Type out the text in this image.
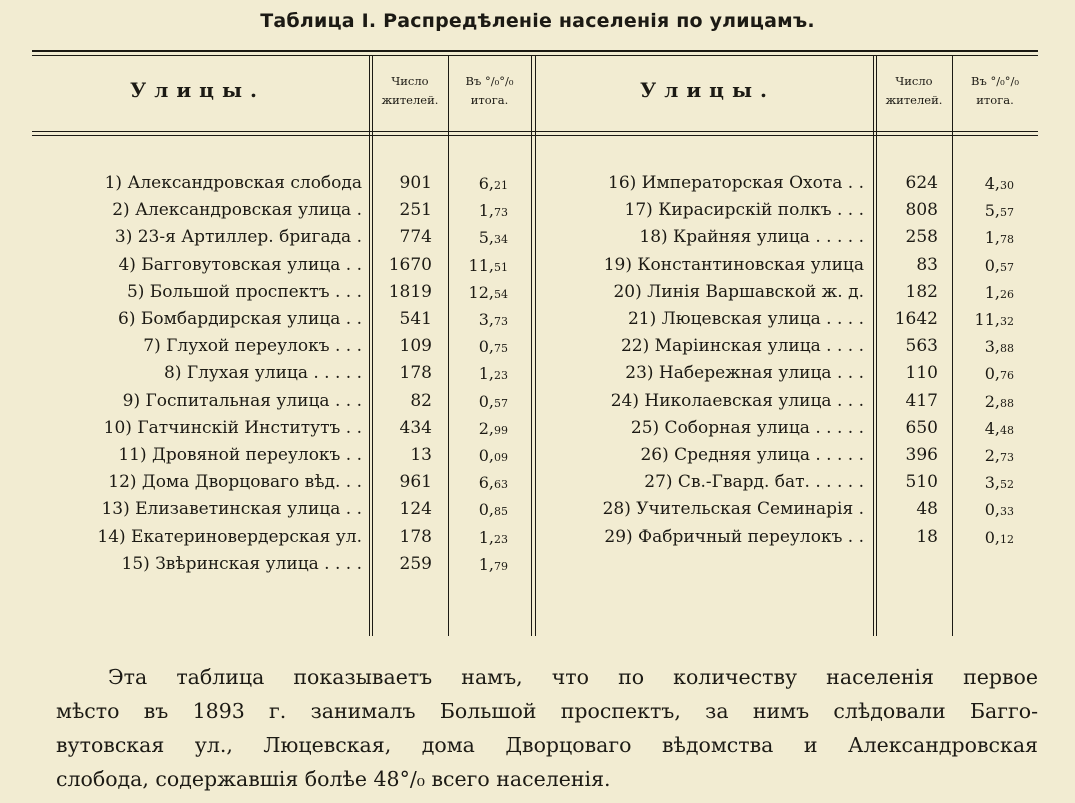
Таблица I. Распредѣленіе населенія по улицамъ.
Улицы.	Число
жителей.
Въ °/₀°/₀
итога.	Улицы.	Число
жителей.
Въ °/₀°/₀
итога.
1) Александровская слобода	901	6,21
2) Александровская улица .	251	1,73
3) 23-я Артиллер. бригада .	774	5,34
4) Багговутовская улица . .	1670	11,51
5) Большой проспектъ . . .	1819	12,54
6) Бомбардирская улица . .	541	3,73
7) Глухой переулокъ . . .	109	0,75
8) Глухая улица . . . . .	178	1,23
9) Госпитальная улица . . .	82	0,57
10) Гатчинскій Институтъ . .	434	2,99
11) Дровяной переулокъ . .	13	0,09
12) Дома Дворцоваго вѣд. . .	961	6,63
13) Елизаветинская улица . .	124	0,85
14) Екатериновердерская ул.	178	1,23
15) Звѣринская улица . . . .	259	1,79
16) Императорская Охота . .	624	4,30
17) Кирасирскій полкъ . . .	808	5,57
18) Крайняя улица . . . . .	258	1,78
19) Константиновская улица	83	0,57
20) Линія Варшавской ж. д.	182	1,26
21) Люцевская улица . . . .	1642	11,32
22) Маріинская улица . . . .	563	3,88
23) Набережная улица . . .	110	0,76
24) Николаевская улица . . .	417	2,88
25) Соборная улица . . . . .	650	4,48
26) Средняя улица . . . . .	396	2,73
27) Св.-Гвард. бат. . . . . .	510	3,52
28) Учительская Семинарія .	48	0,33
29) Фабричный переулокъ . .	18	0,12

Эта таблица показываетъ намъ, что по количеству населенія первое

мѣсто въ 1893 г. занималъ Большой проспектъ, за нимъ слѣдовали Багго-

вутовская ул., Люцевская, дома Дворцоваго вѣдомства и Александровская

слобода, содержавшія болѣе 48°/₀ всего населенія.
